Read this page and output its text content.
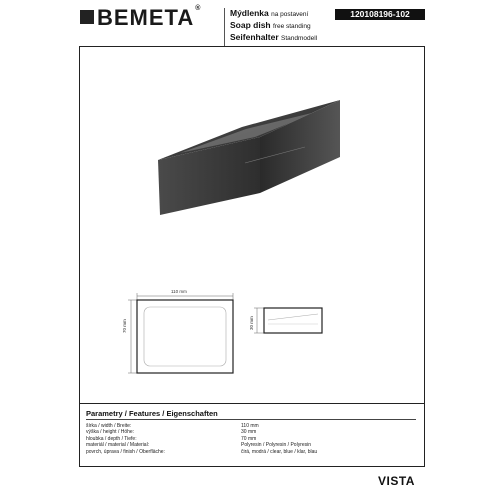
BEMETA®	Mýdlenka na postavení
Soap dish free standing
Seifenhalter Standmodell
120108196-102
110 mm
70 mm	30 mm
Parametry / Features / Eigenschaften
šírka / width / Breite:	110 mm
výška / height / Höhe:	30 mm
hloubka / depth / Tiefe:	70 mm
materiál / material / Material:	Polyresin / Polyresin / Polyresin
povrch, úprava / finish / Oberfläche:	čirá, modrá / clear, blue / klar, blau
VISTA
